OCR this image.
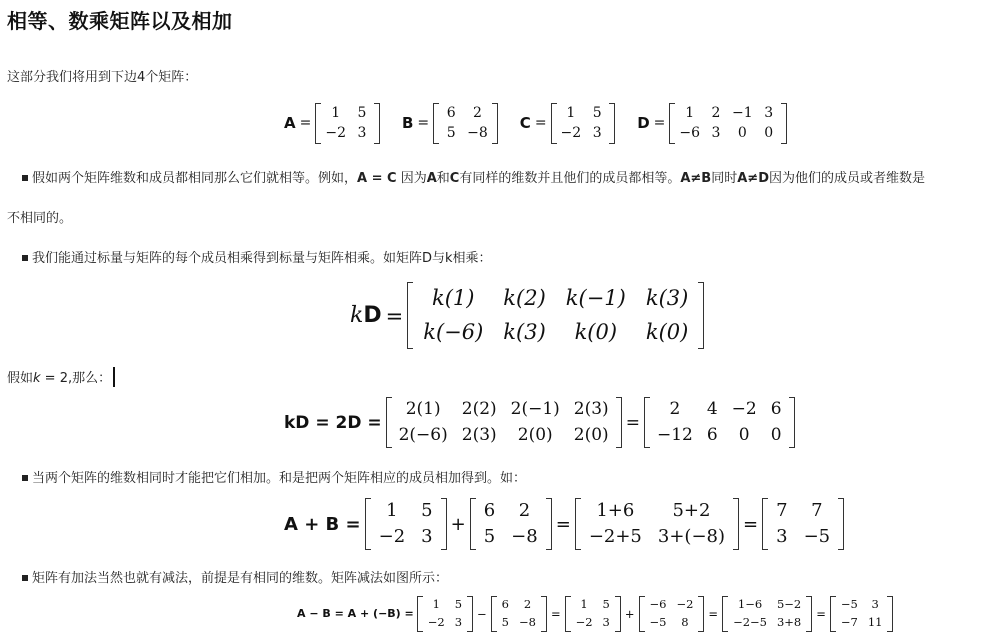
相等、数乘矩阵以及相加

这部分我们将用到下边4个矩阵：

A =
1	5
−2	3
B =
6	2
5	−8
C =
1	5
−2	3
D =
1	2	−1	3
−6	3	0	0

假如两个矩阵维数和成员都相同那么它们就相等。例如，A = C 因为A和C有同样的维数并且他们的成员都相等。A≠B同时A≠D因为他们的成员或者维数是

不相同的。

我们能通过标量与矩阵的每个成员相乘得到标量与矩阵相乘。如矩阵D与k相乘：

k D =
k(1)	k(2)	k(−1)	k(3)
k(−6)	k(3)	k(0)	k(0)

假如k = 2,那么：

kD = 2D =
2(1)	2(2)	2(−1)	2(3)
2(−6)	2(3)	2(0)	2(0)
=
2	4	−2	6
−12	6	0	0

当两个矩阵的维数相同时才能把它们相加。和是把两个矩阵相应的成员相加得到。如：

A + B =
1	5
−2	3
+
6	2
5	−8
=
1+6	5+2
−2+5	3+(−8)
=
7	7
3	−5

矩阵有加法当然也就有减法，前提是有相同的维数。矩阵减法如图所示：

A − B = A + (−B) =
1	5
−2	3
−
6	2
5	−8
=
1	5
−2	3
+
−6	−2
−5	8
=
1−6	5−2
−2−5	3+8
=
−5	3
−7	11
